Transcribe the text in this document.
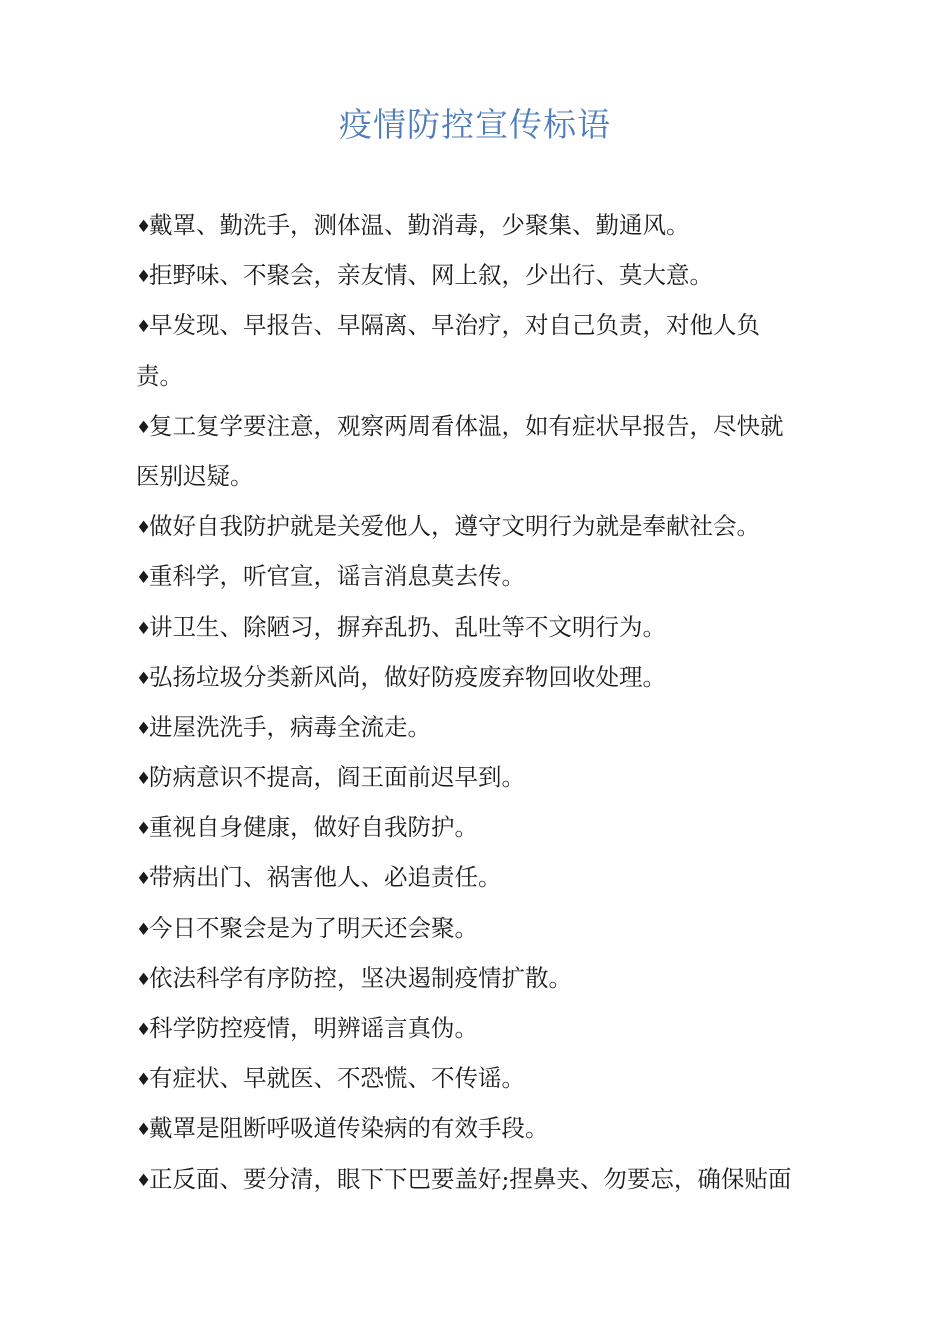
疫情防控宣传标语
♦戴罩、勤洗手，测体温、勤消毒，少聚集、勤通风。
♦拒野味、不聚会，亲友情、网上叙，少出行、莫大意。
♦早发现、早报告、早隔离、早治疗，对自己负责，对他人负
责。
♦复工复学要注意，观察两周看体温，如有症状早报告，尽快就
医别迟疑。
♦做好自我防护就是关爱他人，遵守文明行为就是奉献社会。
♦重科学，听官宣，谣言消息莫去传。
♦讲卫生、除陋习，摒弃乱扔、乱吐等不文明行为。
♦弘扬垃圾分类新风尚，做好防疫废弃物回收处理。
♦进屋洗洗手，病毒全流走。
♦防病意识不提高，阎王面前迟早到。
♦重视自身健康，做好自我防护。
♦带病出门、祸害他人、必追责任。
♦今日不聚会是为了明天还会聚。
♦依法科学有序防控，坚决遏制疫情扩散。
♦科学防控疫情，明辨谣言真伪。
♦有症状、早就医、不恐慌、不传谣。
♦戴罩是阻断呼吸道传染病的有效手段。
♦正反面、要分清，眼下下巴要盖好;捏鼻夹、勿要忘，确保贴面
